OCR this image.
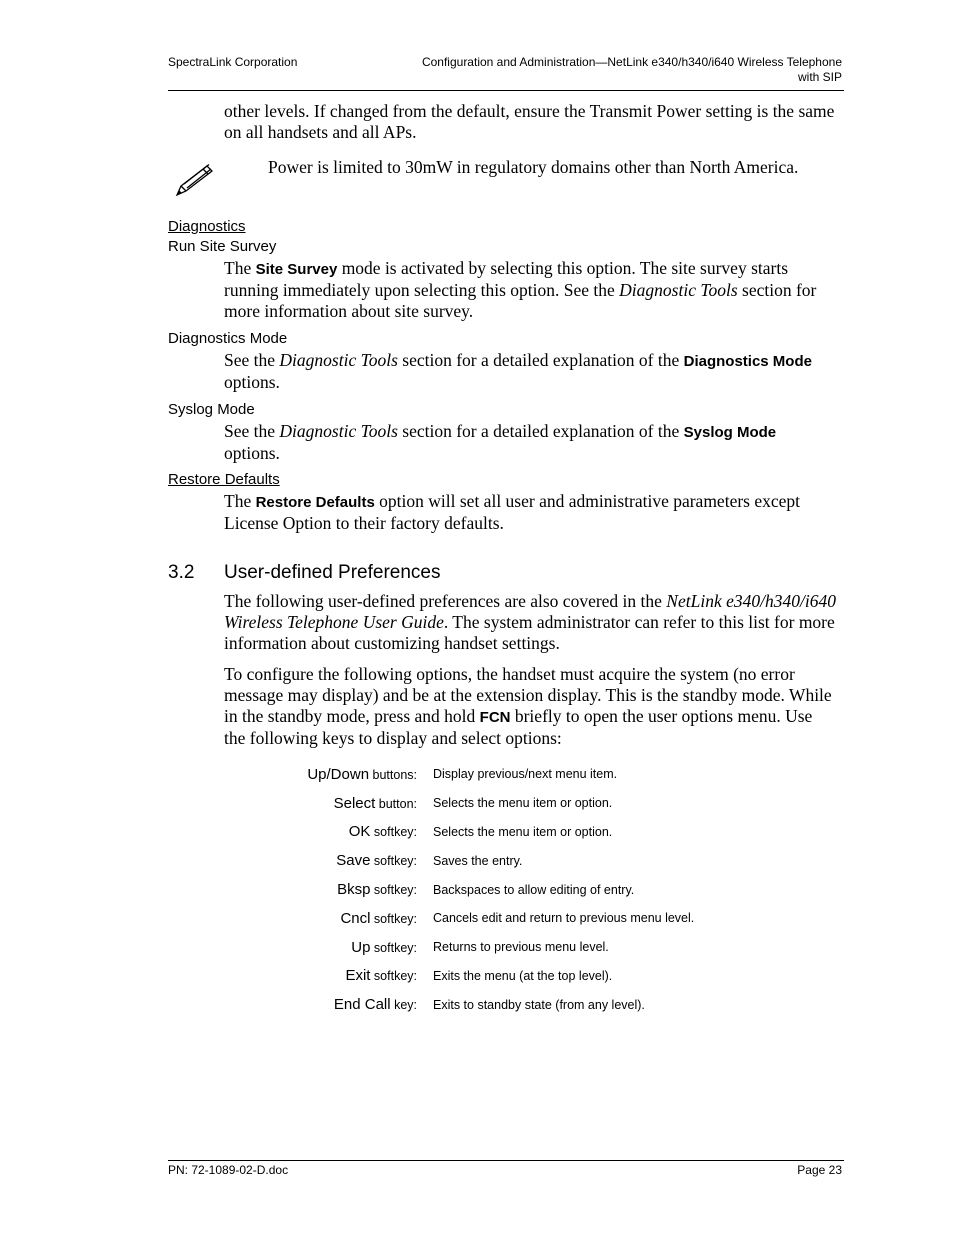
SpectraLink Corporation	Configuration and Administration—NetLink e340/h340/i640 Wireless Telephone
with SIP
other levels. If changed from the default, ensure the Transmit Power setting is the same on all handsets and all APs.
Power is limited to 30mW in regulatory domains other than North America.
Diagnostics
Run Site Survey
The Site Survey mode is activated by selecting this option. The site survey starts running immediately upon selecting this option. See the Diagnostic Tools section for more information about site survey.
Diagnostics Mode
See the Diagnostic Tools section for a detailed explanation of the Diagnostics Mode options.
Syslog Mode
See the Diagnostic Tools section for a detailed explanation of the Syslog Mode options.
Restore Defaults
The Restore Defaults option will set all user and administrative parameters except License Option to their factory defaults.
3.2 User-defined Preferences
The following user-defined preferences are also covered in the NetLink e340/h340/i640 Wireless Telephone User Guide. The system administrator can refer to this list for more information about customizing handset settings.
To configure the following options, the handset must acquire the system (no error message may display) and be at the extension display. This is the standby mode. While in the standby mode, press and hold FCN briefly to open the user options menu. Use the following keys to display and select options:
Up/Down buttons:	Display previous/next menu item.
Select button:	Selects the menu item or option.
OK softkey:	Selects the menu item or option.
Save softkey:	Saves the entry.
Bksp softkey:	Backspaces to allow editing of entry.
Cncl softkey:	Cancels edit and return to previous menu level.
Up softkey:	Returns to previous menu level.
Exit softkey:	Exits the menu (at the top level).
End Call key:	Exits to standby state (from any level).
PN: 72-1089-02-D.doc	Page 23
